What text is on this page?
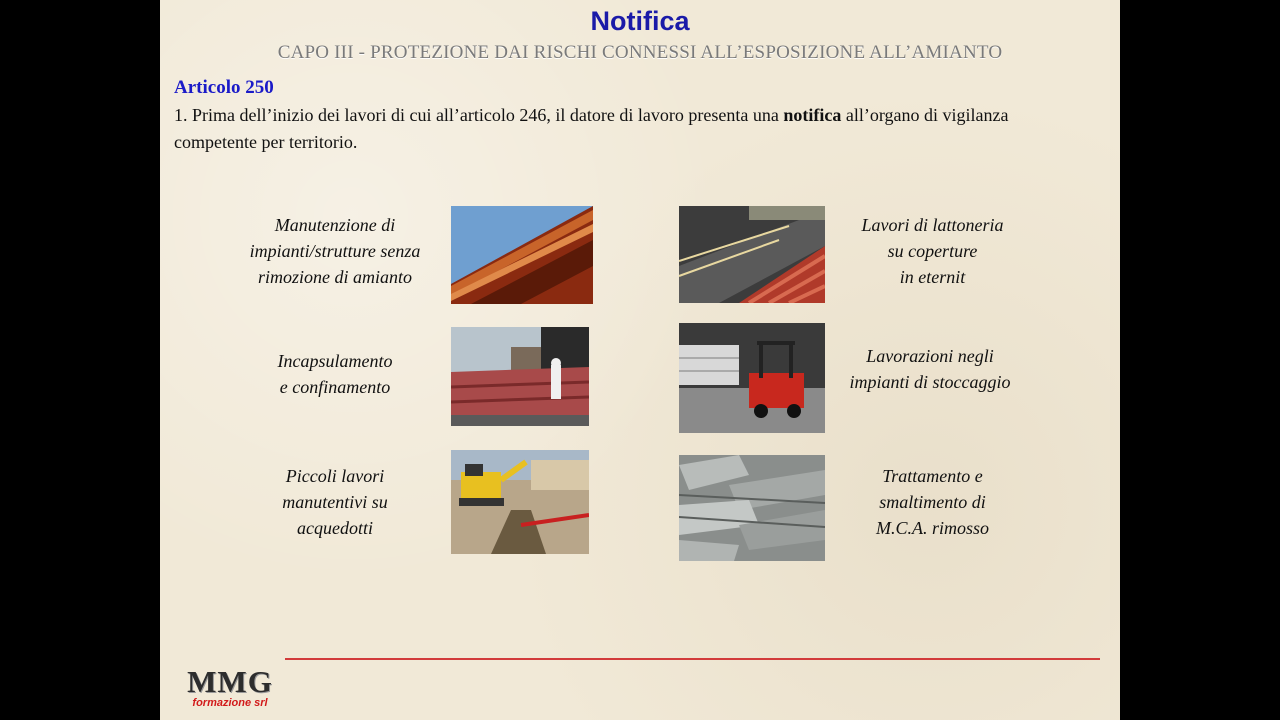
Notifica
CAPO III - PROTEZIONE DAI RISCHI CONNESSI ALL’ESPOSIZIONE ALL’AMIANTO
Articolo 250
1. Prima dell’inizio dei lavori di cui all’articolo 246, il datore di lavoro presenta una notifica all’organo di vigilanza competente per territorio.
Manutenzione di
impianti/strutture senza
rimozione di amianto
Lavori di lattoneria
su coperture
in eternit
Incapsulamento
e confinamento
Lavorazioni negli
impianti di stoccaggio
Piccoli lavori
manutentivi su
acquedotti
Trattamento e
smaltimento di
M.C.A. rimosso
MMG
formazione srl
